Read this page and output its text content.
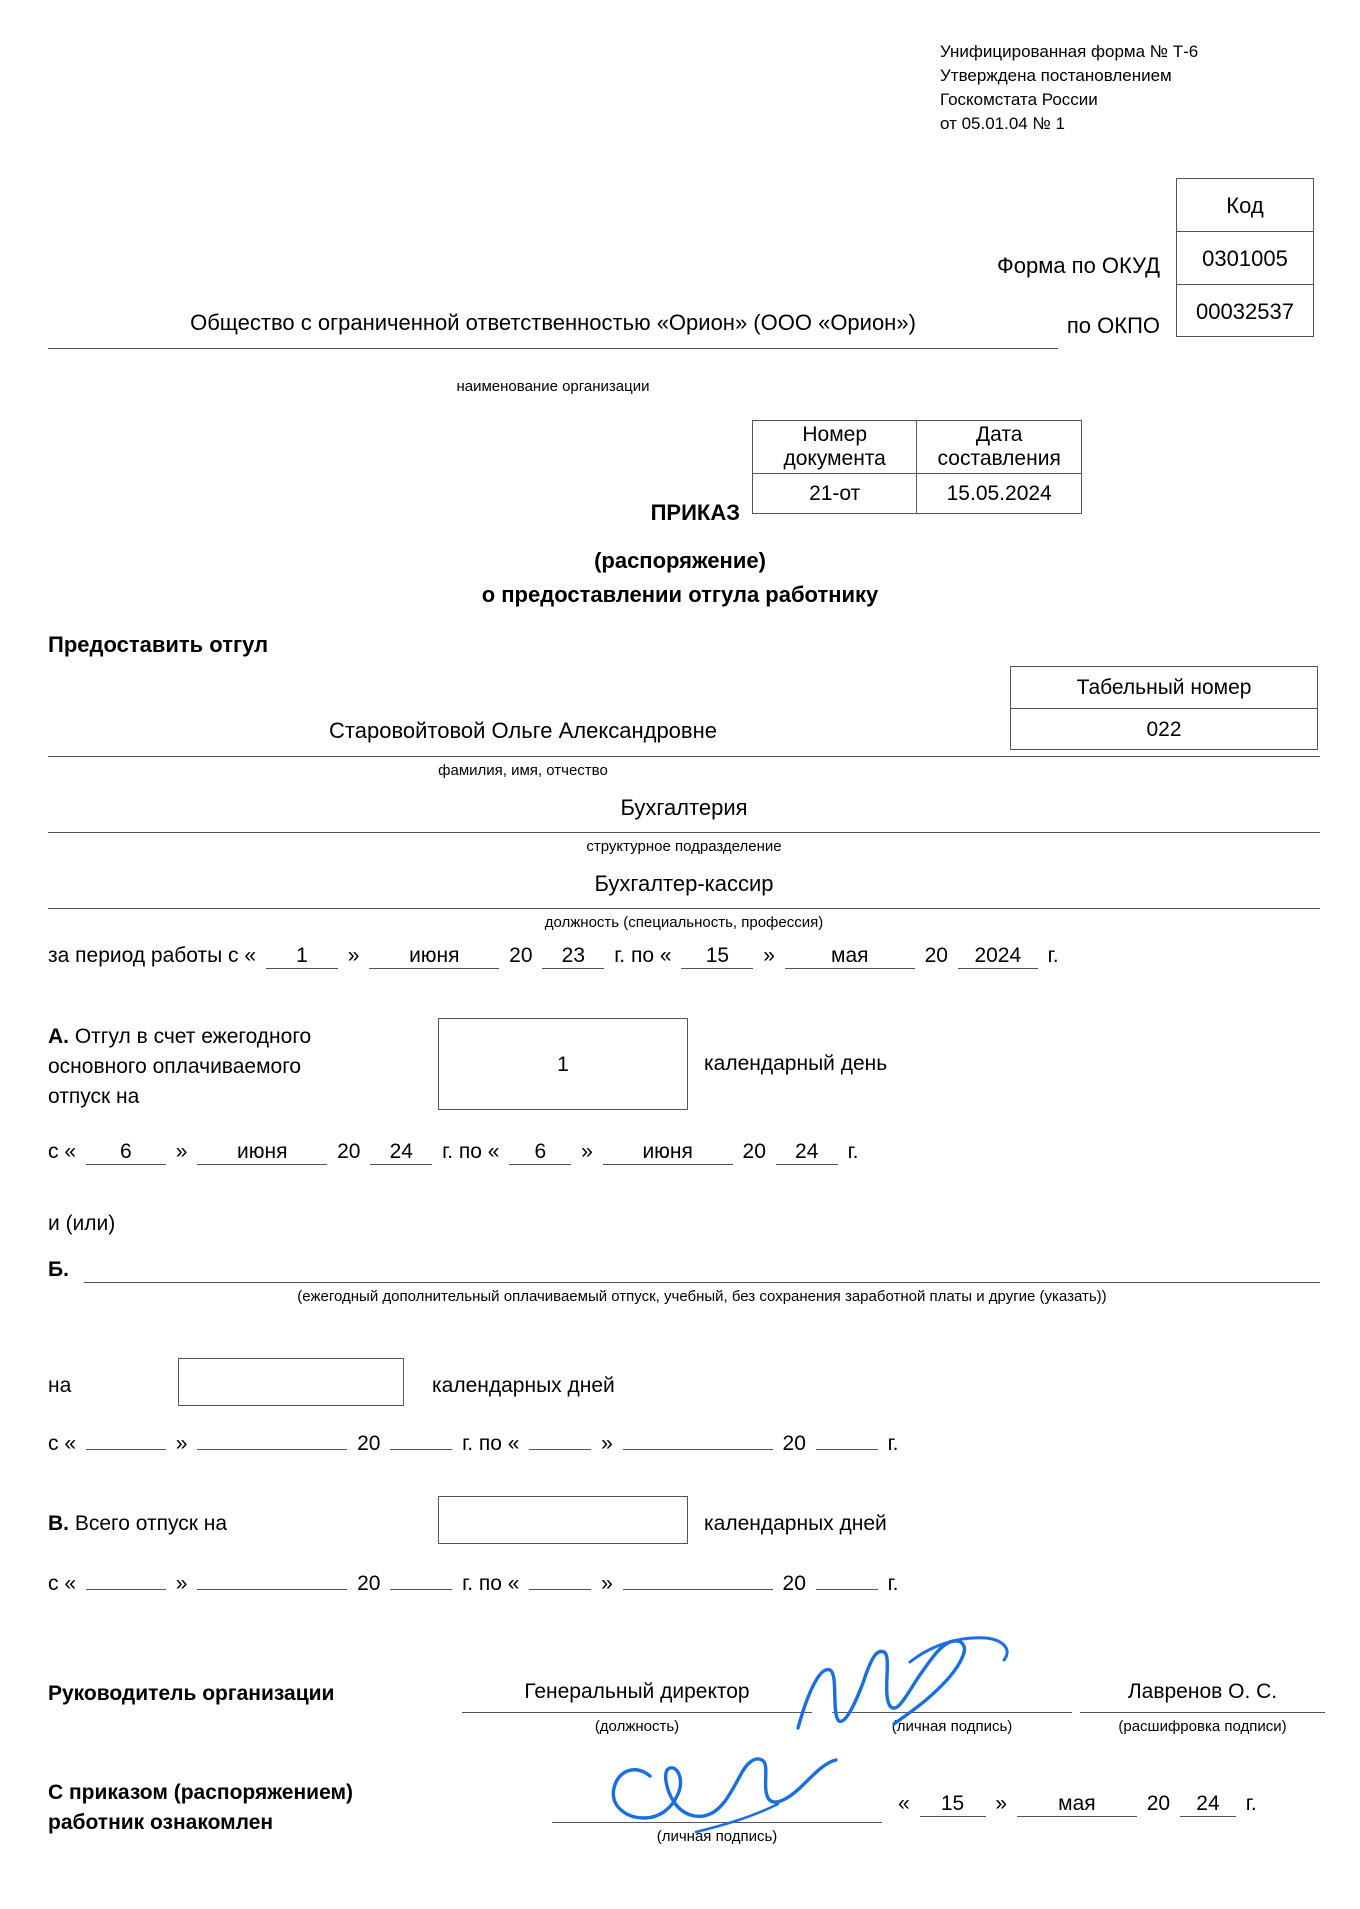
Унифицированная форма № Т-6
Утверждена постановлением
Госкомстата России
от 05.01.04 № 1
Код
0301005
00032537
Форма по ОКУД
по ОКПО
Общество с ограниченной ответственностью «Орион» (ООО «Орион»)
наименование организации
ПРИКАЗ
Номер документа	Дата составления
21-от	15.05.2024
(распоряжение)
о предоставлении отгула работнику
Предоставить отгул
Табельный номер
022
Старовойтовой Ольге Александровне
фамилия, имя, отчество
Бухгалтерия
структурное подразделение
Бухгалтер-кассир
должность (специальность, профессия)
за период работы с « 1 » июня 20 23 г. по « 15 »	мая	20 2024 г.
А. Отгул в счет ежегодного основного оплачиваемого отпуск на
1	календарный день
с « 6 » июня 20 24 г. по « 6 » июня 20 24 г.
и (или)
Б.
(ежегодный дополнительный оплачиваемый отпуск, учебный, без сохранения заработной платы и другие (указать))
на	календарных дней
с «	»	20	г. по «	»	20	г.
В. Всего отпуск на	календарных дней
с «	»	20	г. по «	»	20	г.
Руководитель организации	Генеральный директор
(должность)	(личная подпись)
Лавренов О. С.
(расшифровка подписи)
С приказом (распоряжением)
работник ознакомлен
(личная подпись)
« 15 » мая 20 24 г.
